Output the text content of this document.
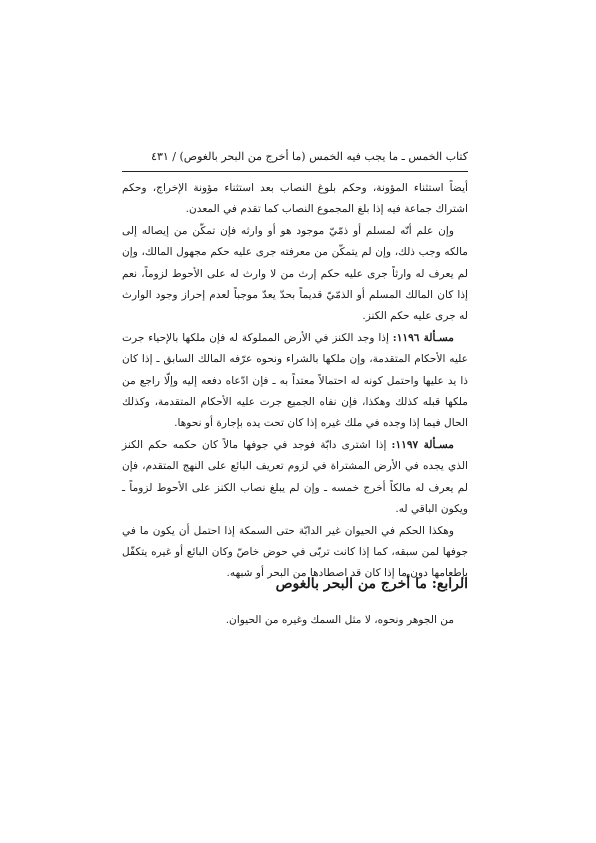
كتاب الخمس ـ ما يجب فيه الخمس (ما أخرج من البحر بالغوص) / ٤٣١

أيضاً استثناء المؤونة، وحكم بلوغ النصاب بعد استثناء مؤونة الإخراج، وحكم اشتراك جماعة فيه إذا بلغ المجموع النصاب كما تقدم في المعدن.

وإن علم أنّه لمسلم أو ذمّيّ موجود هو أو وارثه فإن تمكّن من إيصاله إلى مالكه وجب ذلك، وإن لم يتمكّن من معرفته جرى عليه حكم مجهول المالك، وإن لم يعرف له وارثاً جرى عليه حكم إرث من لا وارث له على الأحوط لزوماً، نعم إذا كان المالك المسلم أو الذمّيّ قديماً بحدّ يعدّ موجباً لعدم إحراز وجود الوارث له جرى عليه حكم الكنز.

مسـألة ١١٩٦: إذا وجد الكنز في الأرض المملوكة له فإن ملكها بالإحياء جرت عليه الأحكام المتقدمة، وإن ملكها بالشراء ونحوه عرّفه المالك السابق ـ إذا كان ذا يد عليها واحتمل كونه له احتمالاً معتداً به ـ فإن ادّعاه دفعه إليه وإلّا راجع من ملكها قبله كذلك وهكذا، فإن نفاه الجميع جرت عليه الأحكام المتقدمة، وكذلك الحال فيما إذا وجده في ملك غيره إذا كان تحت يده بإجارة أو نحوها.

مسـألة ١١٩٧: إذا اشترى دابّة فوجد في جوفها مالاً كان حكمه حكم الكنز الذي يجده في الأرض المشتراة في لزوم تعريف البائع على النهج المتقدم، فإن لم يعرف له مالكاً أخرج خمسه ـ وإن لم يبلغ نصاب الكنز على الأحوط لزوماً ـ ويكون الباقي له.

وهكذا الحكم في الحيوان غير الدابّة حتى السمكة إذا احتمل أن يكون ما في جوفها لمن سبقه، كما إذا كانت تربّى في حوض خاصّ وكان البائع أو غيره يتكفّل بإطعامها دون ما إذا كان قد اصطادها من البحر أو شبهه.

الرابع: ما أخرج من البحر بالغوص
من الجوهر ونحوه، لا مثل السمك وغيره من الحيوان.
